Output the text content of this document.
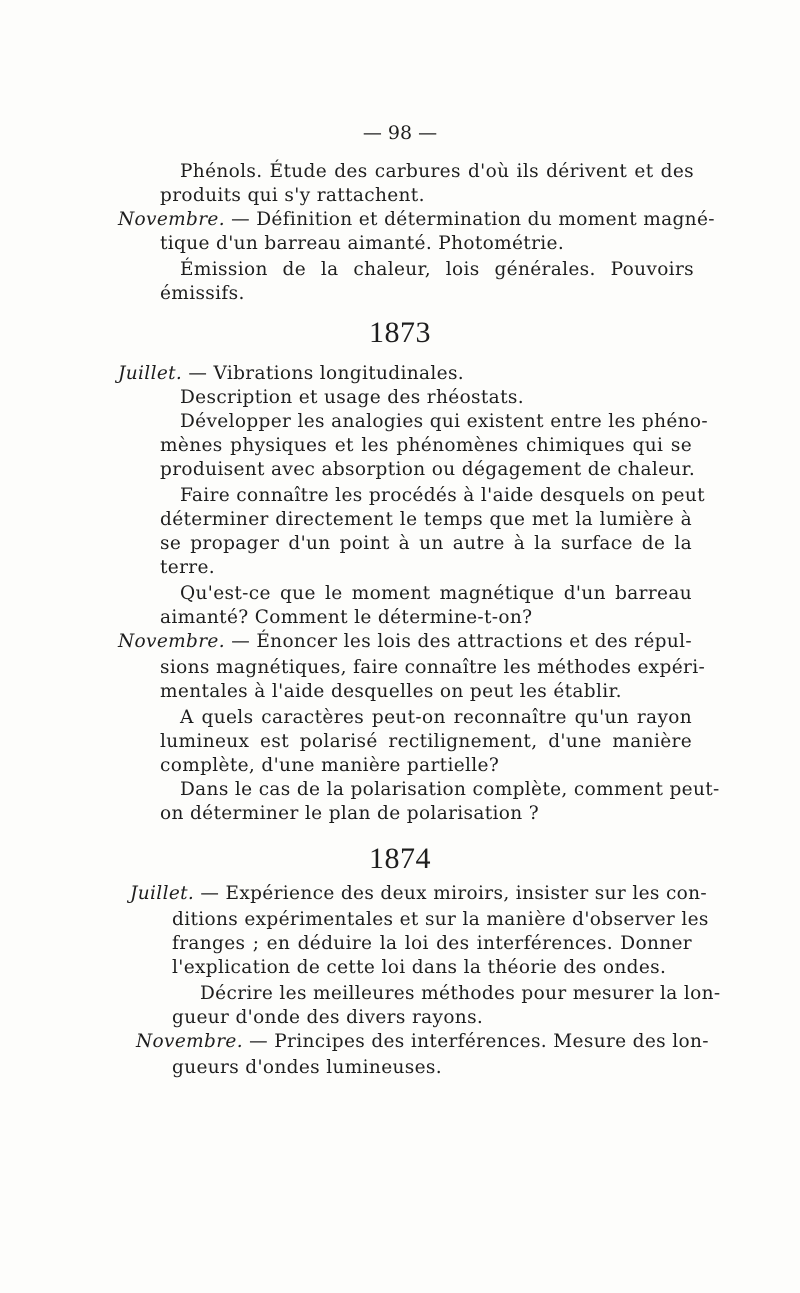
— 98 —
Phénols. Étude des carbures d'où ils dérivent et des
produits qui s'y rattachent.
Novembre. — Définition et détermination du moment magné-
tique d'un barreau aimanté. Photométrie.
Émission de la chaleur, lois générales. Pouvoirs
émissifs.
1873
Juillet. — Vibrations longitudinales.
Description et usage des rhéostats.
Développer les analogies qui existent entre les phéno-
mènes physiques et les phénomènes chimiques qui se
produisent avec absorption ou dégagement de chaleur.
Faire connaître les procédés à l'aide desquels on peut
déterminer directement le temps que met la lumière à
se propager d'un point à un autre à la surface de la
terre.
Qu'est-ce que le moment magnétique d'un barreau
aimanté? Comment le détermine-t-on?
Novembre. — Énoncer les lois des attractions et des répul-
sions magnétiques, faire connaître les méthodes expéri-
mentales à l'aide desquelles on peut les établir.
A quels caractères peut-on reconnaître qu'un rayon
lumineux est polarisé rectilignement, d'une manière
complète, d'une manière partielle?
Dans le cas de la polarisation complète, comment peut-
on déterminer le plan de polarisation ?
1874
Juillet. — Expérience des deux miroirs, insister sur les con-
ditions expérimentales et sur la manière d'observer les
franges ; en déduire la loi des interférences. Donner
l'explication de cette loi dans la théorie des ondes.
Décrire les meilleures méthodes pour mesurer la lon-
gueur d'onde des divers rayons.
Novembre. — Principes des interférences. Mesure des lon-
gueurs d'ondes lumineuses.
